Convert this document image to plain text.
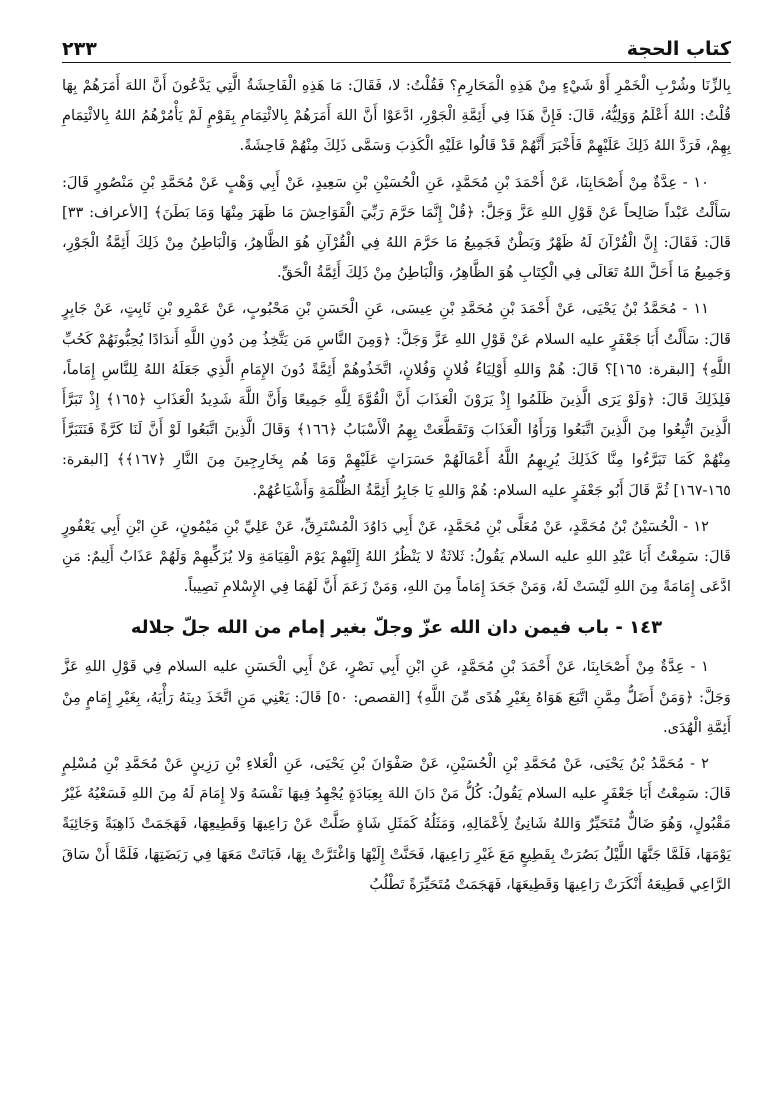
كتاب الحجة
٢٣٣

بِالزِّنَا وشُرْبِ الْخَمْرِ أَوْ شَيْءٍ مِنْ هَذِهِ الْمَحَارِمِ؟ فَقُلْتُ: لا، فَقَالَ: مَا هَذِهِ الْفَاحِشَةُ الَّتِي يَدَّعُونَ أَنَّ اللهَ أَمَرَهُمْ بِهَا قُلْتُ: اللهُ أَعْلَمُ وَوَلِيُّهُ، قَالَ: فَإِنَّ هَذَا فِي أَئِمَّةِ الْجَوْرِ، ادَّعَوْا أَنَّ اللهَ أَمَرَهُمْ بِالائْتِمَامِ بِقَوْمٍ لَمْ يَأْمُرْهُمُ اللهُ بِالائْتِمَامِ بِهِمْ، فَرَدَّ اللهُ ذَلِكَ عَلَيْهِمْ فَأَخْبَرَ أَنَّهُمْ قَدْ قَالُوا عَلَيْهِ الْكَذِبَ وَسَمَّى ذَلِكَ مِنْهُمْ فَاحِشَةً.

١٠ - عِدَّةٌ مِنْ أَصْحَابِنَا، عَنْ أَحْمَدَ بْنِ مُحَمَّدٍ، عَنِ الْحُسَيْنِ بْنِ سَعِيدٍ، عَنْ أَبِي وَهْبٍ عَنْ مُحَمَّدِ بْنِ مَنْصُورٍ قَالَ: سَأَلْتُ عَبْداً صَالِحاً عَنْ قَوْلِ اللهِ عَزَّ وَجَلَّ: ﴿قُلْ إِنَّمَا حَرَّمَ رَبِّيَ الْفَوَاحِشَ مَا ظَهَرَ مِنْهَا وَمَا بَطَنَ﴾ [الأعراف: ٣٣] قَالَ: فَقَالَ: إِنَّ الْقُرْآنَ لَهُ ظَهْرٌ وَبَطْنٌ فَجَمِيعُ مَا حَرَّمَ اللهُ فِي الْقُرْآنِ هُوَ الظَّاهِرُ، وَالْبَاطِنُ مِنْ ذَلِكَ أَئِمَّةُ الْجَوْرِ، وَجَمِيعُ مَا أَحَلَّ اللهُ تَعَالَى فِي الْكِتَابِ هُوَ الظَّاهِرُ، وَالْبَاطِنُ مِنْ ذَلِكَ أَئِمَّةُ الْحَقِّ.

١١ - مُحَمَّدُ بْنُ يَحْيَى، عَنْ أَحْمَدَ بْنِ مُحَمَّدِ بْنِ عِيسَى، عَنِ الْحَسَنِ بْنِ مَحْبُوبٍ، عَنْ عَمْرِو بْنِ ثَابِتٍ، عَنْ جَابِرٍ قَالَ: سَأَلْتُ أَبَا جَعْفَرٍ عليه السلام عَنْ قَوْلِ اللهِ عَزَّ وَجَلَّ: ﴿وَمِنَ النَّاسِ مَن يَتَّخِذُ مِن دُونِ اللَّهِ أَندَادًا يُحِبُّونَهُمْ كَحُبِّ اللَّهِ﴾ [البقرة: ١٦٥]؟ قَالَ: هُمْ وَاللهِ أَوْلِيَاءُ فُلانٍ وَفُلانٍ، اتَّخَذُوهُمْ أَئِمَّةً دُونَ الإِمَامِ الَّذِي جَعَلَهُ اللهُ لِلنَّاسِ إِمَاماً، فَلِذَلِكَ قَالَ: ﴿وَلَوْ يَرَى الَّذِينَ ظَلَمُوا إِذْ يَرَوْنَ الْعَذَابَ أَنَّ الْقُوَّةَ لِلَّهِ جَمِيعًا وَأَنَّ اللَّهَ شَدِيدُ الْعَذَابِ ﴿١٦٥﴾ إِذْ تَبَرَّأَ الَّذِينَ اتُّبِعُوا مِنَ الَّذِينَ اتَّبَعُوا وَرَأَوُا الْعَذَابَ وَتَقَطَّعَتْ بِهِمُ الْأَسْبَابُ ﴿١٦٦﴾ وَقَالَ الَّذِينَ اتَّبَعُوا لَوْ أَنَّ لَنَا كَرَّةً فَنَتَبَرَّأَ مِنْهُمْ كَمَا تَبَرَّءُوا مِنَّا كَذَلِكَ يُرِيهِمُ اللَّهُ أَعْمَالَهُمْ حَسَرَاتٍ عَلَيْهِمْ وَمَا هُم بِخَارِجِينَ مِنَ النَّارِ ﴿١٦٧﴾﴾ [البقرة: ١٦٥-١٦٧] ثُمَّ قَالَ أَبُو جَعْفَرٍ عليه السلام: هُمْ وَاللهِ يَا جَابِرُ أَئِمَّةُ الظُّلْمَةِ وَأَشْيَاعُهُمْ.

١٢ - الْحُسَيْنُ بْنُ مُحَمَّدٍ، عَنْ مُعَلَّى بْنِ مُحَمَّدٍ، عَنْ أَبِي دَاوُدَ الْمُسْتَرِقِّ، عَنْ عَلِيِّ بْنِ مَيْمُونٍ، عَنِ ابْنِ أَبِي يَعْفُورٍ قَالَ: سَمِعْتُ أَبَا عَبْدِ اللهِ عليه السلام يَقُولُ: ثَلاثَةٌ لا يَنْظُرُ اللهُ إِلَيْهِمْ يَوْمَ الْقِيَامَةِ وَلا يُزَكِّيهِمْ وَلَهُمْ عَذَابٌ أَلِيمٌ: مَنِ ادَّعَى إِمَامَةً مِنَ اللهِ لَيْسَتْ لَهُ، وَمَنْ جَحَدَ إِمَاماً مِنَ اللهِ، وَمَنْ زَعَمَ أَنَّ لَهُمَا فِي الإِسْلامِ نَصِيباً.

١٤٣ - باب فيمن دان الله عزّ وجلّ بغير إمام من الله جلّ جلاله

١ - عِدَّةٌ مِنْ أَصْحَابِنَا، عَنْ أَحْمَدَ بْنِ مُحَمَّدٍ، عَنِ ابْنِ أَبِي نَصْرٍ، عَنْ أَبِي الْحَسَنِ عليه السلام فِي قَوْلِ اللهِ عَزَّ وَجَلَّ: ﴿وَمَنْ أَضَلُّ مِمَّنِ اتَّبَعَ هَوَاهُ بِغَيْرِ هُدًى مِّنَ اللَّهِ﴾ [القصص: ٥٠] قَالَ: يَعْنِي مَنِ اتَّخَذَ دِينَهُ رَأْيَهُ، بِغَيْرِ إِمَامٍ مِنْ أَئِمَّةِ الْهُدَى.

٢ - مُحَمَّدُ بْنُ يَحْيَى، عَنْ مُحَمَّدِ بْنِ الْحُسَيْنِ، عَنْ صَفْوَانَ بْنِ يَحْيَى، عَنِ الْعَلاءِ بْنِ رَزِينٍ عَنْ مُحَمَّدِ بْنِ مُسْلِمٍ قَالَ: سَمِعْتُ أَبَا جَعْفَرٍ عليه السلام يَقُولُ: كُلُّ مَنْ دَانَ اللهَ بِعِبَادَةٍ يُجْهِدُ فِيهَا نَفْسَهُ وَلا إِمَامَ لَهُ مِنَ اللهِ فَسَعْيُهُ غَيْرُ مَقْبُولٍ، وَهُوَ ضَالٌّ مُتَحَيِّرٌ وَاللهُ شَانِئٌ لِأَعْمَالِهِ، وَمَثَلُهُ كَمَثَلِ شَاةٍ ضَلَّتْ عَنْ رَاعِيهَا وَقَطِيعِهَا، فَهَجَمَتْ ذَاهِبَةً وَجَائِيَةً يَوْمَهَا، فَلَمَّا جَنَّهَا اللَّيْلُ بَصُرَتْ بِقَطِيعٍ مَعَ غَيْرِ رَاعِيهَا، فَحَنَّتْ إِلَيْهَا وَاغْتَرَّتْ بِهَا، فَبَاتَتْ مَعَهَا فِي رَبَضَتِهَا، فَلَمَّا أَنْ سَاقَ الرَّاعِي قَطِيعَهُ أَنْكَرَتْ رَاعِيهَا وَقَطِيعَهَا، فَهَجَمَتْ مُتَحَيِّرَةً تَطْلُبُ
